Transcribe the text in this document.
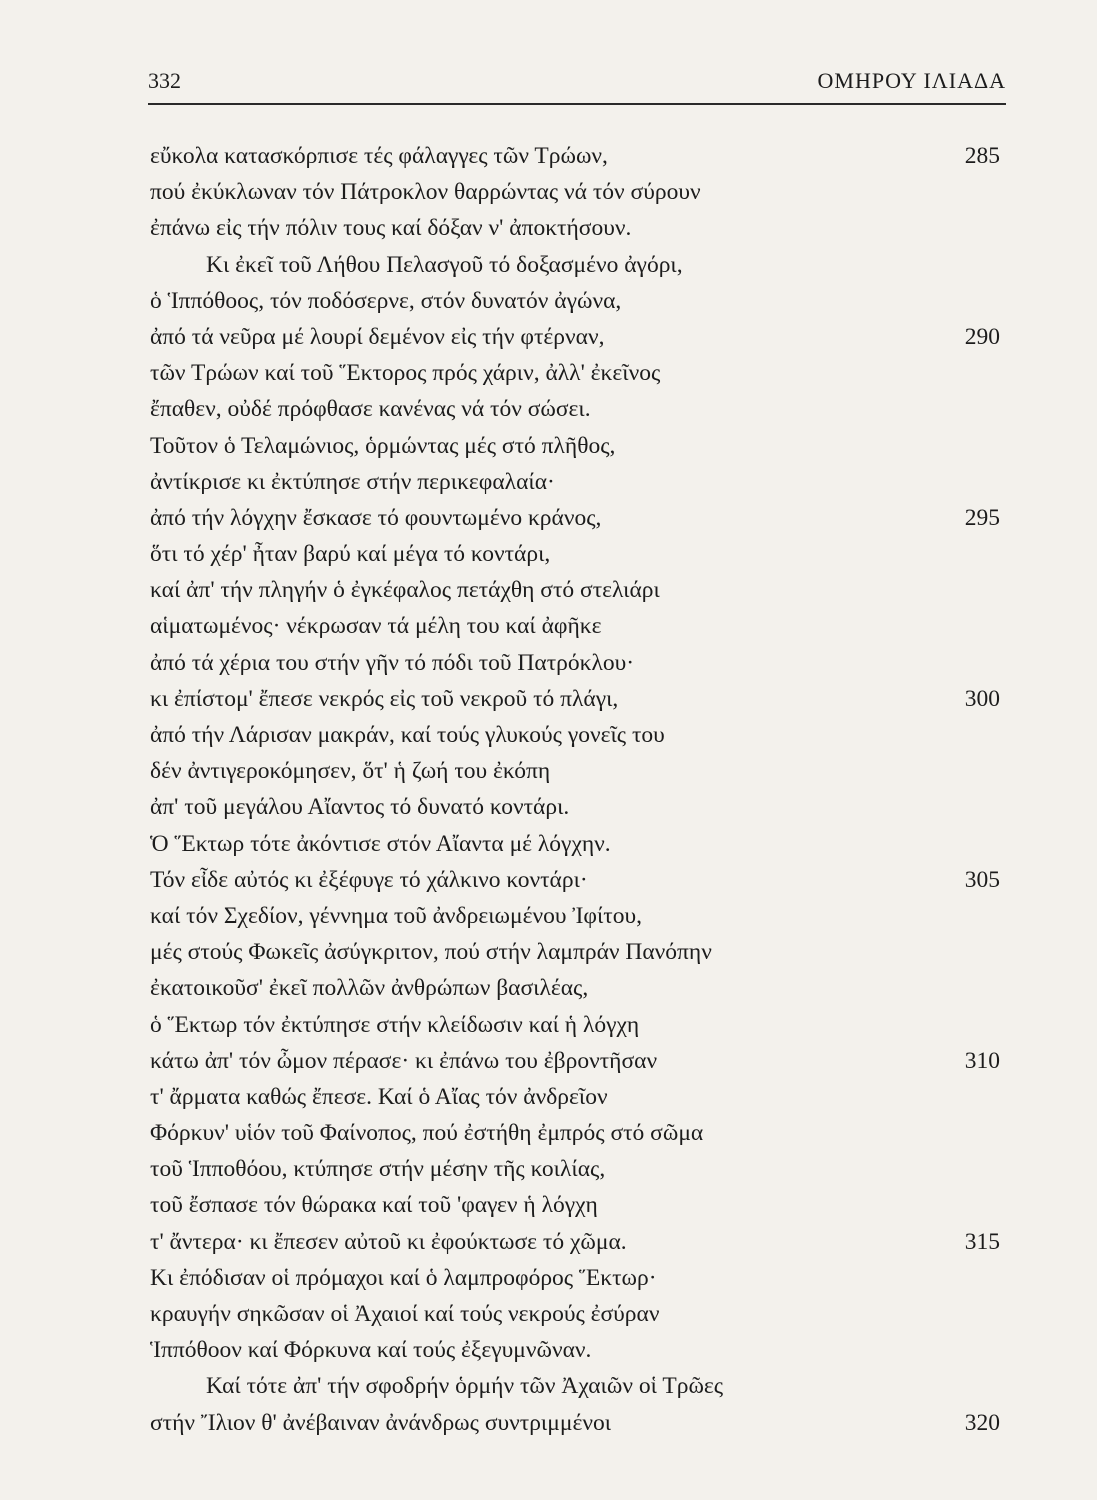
332	ΟΜΗΡΟΥ ΙΛΙΑΔΑ
εὔκολα κατασκόρπισε τές φάλαγγες τῶν Τρώων,	285
πού ἐκύκλωναν τόν Πάτροκλον θαρρώντας νά τόν σύρουν
ἐπάνω εἰς τήν πόλιν τους καί δόξαν ν' ἀποκτήσουν.
Κι ἐκεῖ τοῦ Λήθου Πελασγοῦ τό δοξασμένο ἀγόρι,
ὁ Ἱππόθοος, τόν ποδόσερνε, στόν δυνατόν ἀγώνα,
ἀπό τά νεῦρα μέ λουρί δεμένον εἰς τήν φτέρναν,	290
τῶν Τρώων καί τοῦ Ἕκτορος πρός χάριν, ἀλλ' ἐκεῖνος
ἔπαθεν, οὐδέ πρόφθασε κανένας νά τόν σώσει.
Τοῦτον ὁ Τελαμώνιος, ὁρμώντας μές στό πλῆθος,
ἀντίκρισε κι ἐκτύπησε στήν περικεφαλαία·
ἀπό τήν λόγχην ἔσκασε τό φουντωμένο κράνος,	295
ὅτι τό χέρ' ἦταν βαρύ καί μέγα τό κοντάρι,
καί ἀπ' τήν πληγήν ὁ ἐγκέφαλος πετάχθη στό στελιάρι
αἱματωμένος· νέκρωσαν τά μέλη του καί ἀφῆκε
ἀπό τά χέρια του στήν γῆν τό πόδι τοῦ Πατρόκλου·
κι ἐπίστομ' ἔπεσε νεκρός εἰς τοῦ νεκροῦ τό πλάγι,	300
ἀπό τήν Λάρισαν μακράν, καί τούς γλυκούς γονεῖς του
δέν ἀντιγεροκόμησεν, ὅτ' ἡ ζωή του ἐκόπη
ἀπ' τοῦ μεγάλου Αἴαντος τό δυνατό κοντάρι.
Ὁ Ἕκτωρ τότε ἀκόντισε στόν Αἴαντα μέ λόγχην.
Τόν εἶδε αὐτός κι ἐξέφυγε τό χάλκινο κοντάρι·	305
καί τόν Σχεδίον, γέννημα τοῦ ἀνδρειωμένου Ἰφίτου,
μές στούς Φωκεῖς ἀσύγκριτον, πού στήν λαμπράν Πανόπην
ἐκατοικοῦσ' ἐκεῖ πολλῶν ἀνθρώπων βασιλέας,
ὁ Ἕκτωρ τόν ἐκτύπησε στήν κλείδωσιν καί ἡ λόγχη
κάτω ἀπ' τόν ὦμον πέρασε· κι ἐπάνω του ἐβροντῆσαν	310
τ' ἄρματα καθώς ἔπεσε. Καί ὁ Αἴας τόν ἀνδρεῖον
Φόρκυν' υἱόν τοῦ Φαίνοπος, πού ἐστήθη ἐμπρός στό σῶμα
τοῦ Ἱπποθόου, κτύπησε στήν μέσην τῆς κοιλίας,
τοῦ ἔσπασε τόν θώρακα καί τοῦ 'φαγεν ἡ λόγχη
τ' ἄντερα· κι ἔπεσεν αὐτοῦ κι ἐφούκτωσε τό χῶμα.	315
Κι ἐπόδισαν οἱ πρόμαχοι καί ὁ λαμπροφόρος Ἕκτωρ·
κραυγήν σηκῶσαν οἱ Ἀχαιοί καί τούς νεκρούς ἐσύραν
Ἱππόθοον καί Φόρκυνα καί τούς ἐξεγυμνῶναν.
Καί τότε ἀπ' τήν σφοδρήν ὁρμήν τῶν Ἀχαιῶν οἱ Τρῶες
στήν Ἴλιον θ' ἀνέβαιναν ἀνάνδρως συντριμμένοι	320
